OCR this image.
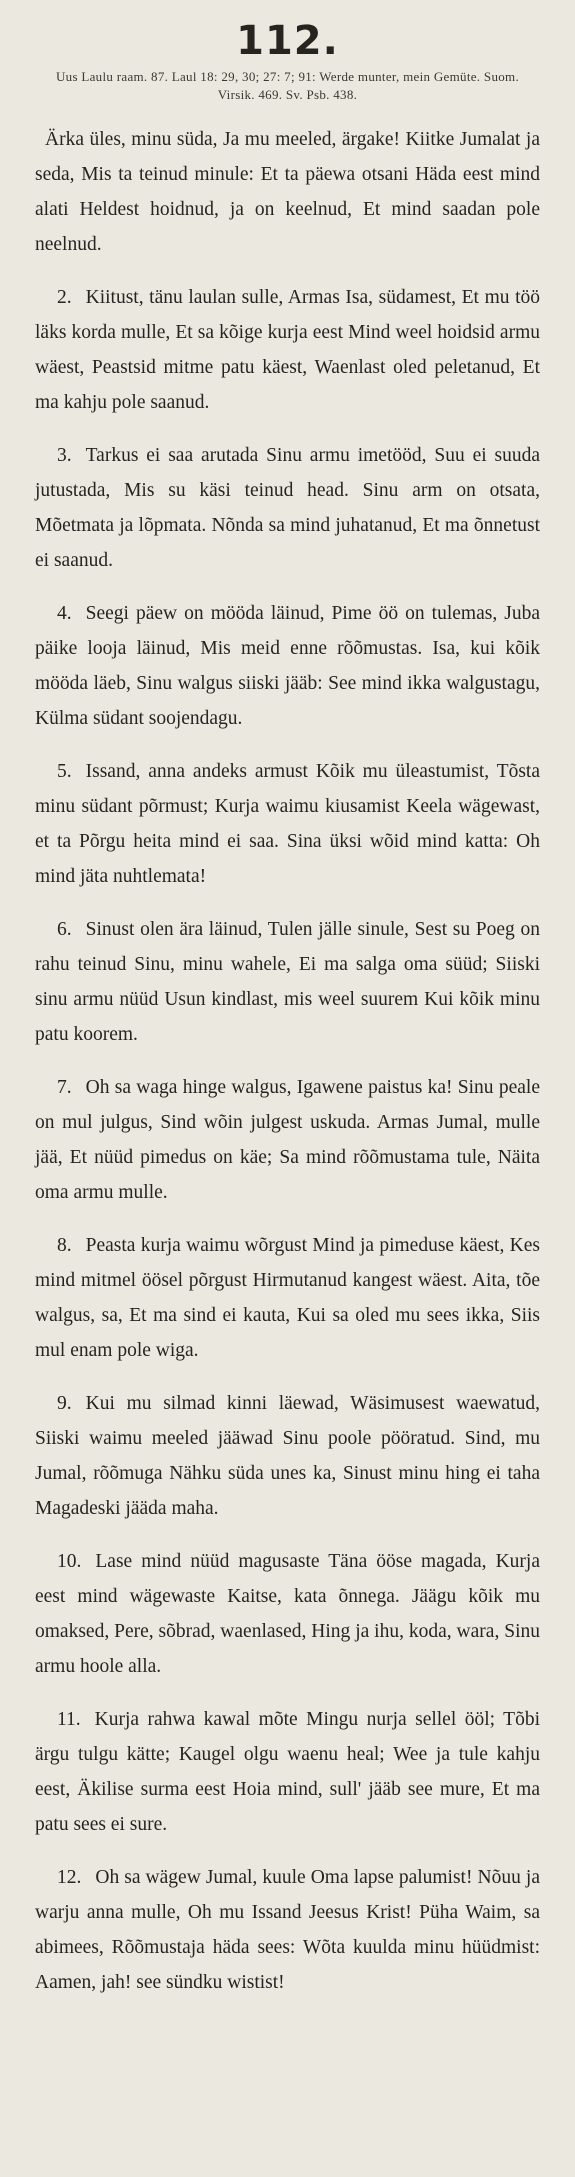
112.
Uus Laulu raam. 87. Laul 18: 29, 30; 27: 7; 91: Werde munter, mein Gemüte. Suom. Virsik. 469. Sv. Psb. 438.

Ärka üles, minu süda, Ja mu meeled, ärgake! Kiitke Jumalat ja seda, Mis ta teinud minule: Et ta päewa otsani Häda eest mind alati Heldest hoidnud, ja on keelnud, Et mind saadan pole neelnud.

2. Kiitust, tänu laulan sulle, Armas Isa, südamest, Et mu töö läks korda mulle, Et sa kõige kurja eest Mind weel hoidsid armu wäest, Peastsid mitme patu käest, Waenlast oled peletanud, Et ma kahju pole saanud.

3. Tarkus ei saa arutada Sinu armu imetööd, Suu ei suuda jutustada, Mis su käsi teinud head. Sinu arm on otsata, Mõetmata ja lõpmata. Nõnda sa mind juhatanud, Et ma õnnetust ei saanud.

4. Seegi päew on mööda läinud, Pime öö on tulemas, Juba päike looja läinud, Mis meid enne rõõmustas. Isa, kui kõik mööda läeb, Sinu walgus siiski jääb: See mind ikka walgustagu, Külma südant soojendagu.

5. Issand, anna andeks armust Kõik mu üleastumist, Tõsta minu südant põrmust; Kurja waimu kiusamist Keela wägewast, et ta Põrgu heita mind ei saa. Sina üksi wõid mind katta: Oh mind jäta nuhtlemata!

6. Sinust olen ära läinud, Tulen jälle sinule, Sest su Poeg on rahu teinud Sinu, minu wahele, Ei ma salga oma süüd; Siiski sinu armu nüüd Usun kindlast, mis weel suurem Kui kõik minu patu koorem.

7. Oh sa waga hinge walgus, Igawene paistus ka! Sinu peale on mul julgus, Sind wõin julgest uskuda. Armas Jumal, mulle jää, Et nüüd pimedus on käe; Sa mind rõõmustama tule, Näita oma armu mulle.

8. Peasta kurja waimu wõrgust Mind ja pimeduse käest, Kes mind mitmel öösel põrgust Hirmutanud kangest wäest. Aita, tõe walgus, sa, Et ma sind ei kauta, Kui sa oled mu sees ikka, Siis mul enam pole wiga.

9. Kui mu silmad kinni läewad, Wäsimusest waewatud, Siiski waimu meeled jääwad Sinu poole pööratud. Sind, mu Jumal, rõõmuga Nähku süda unes ka, Sinust minu hing ei taha Magadeski jääda maha.

10. Lase mind nüüd magusaste Täna ööse magada, Kurja eest mind wägewaste Kaitse, kata õnnega. Jäägu kõik mu omaksed, Pere, sõbrad, waenlased, Hing ja ihu, koda, wara, Sinu armu hoole alla.

11. Kurja rahwa kawal mõte Mingu nurja sellel ööl; Tõbi ärgu tulgu kätte; Kaugel olgu waenu heal; Wee ja tule kahju eest, Äkilise surma eest Hoia mind, sull' jääb see mure, Et ma patu sees ei sure.

12. Oh sa wägew Jumal, kuule Oma lapse palumist! Nõuu ja warju anna mulle, Oh mu Issand Jeesus Krist! Püha Waim, sa abimees, Rõõmustaja häda sees: Wõta kuulda minu hüüdmist: Aamen, jah! see sündku wistist!
